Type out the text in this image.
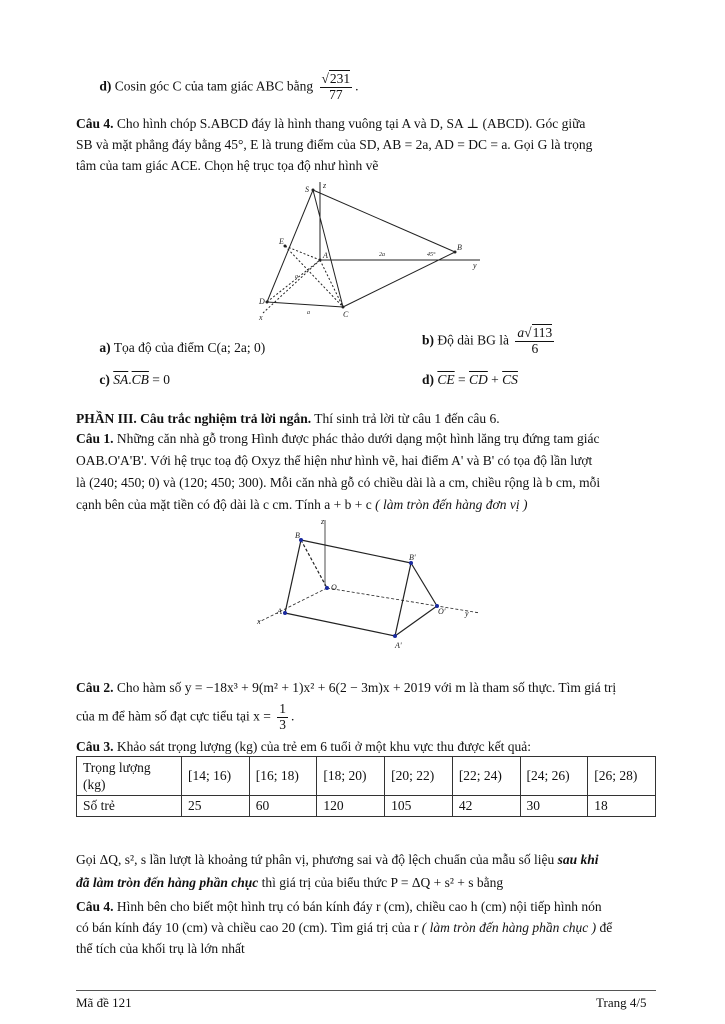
d) Cosin góc C của tam giác ABC bằng $\frac{√231}{77}$ .
Câu 4. Cho hình chóp S.ABCD đáy là hình thang vuông tại A và D, SA ⊥ (ABCD). Góc giữa
SB và mặt phẳng đáy bằng 45°, E là trung điểm của SD, AB = 2a, AD = DC = a. Gọi G là trọng
tâm của tam giác ACE. Chọn hệ trục tọa độ như hình vẽ
z
S
E
A
B
y
D
C
x
2a
a
a
45°
a) Tọa độ của điểm C(a; 2a; 0)
b) Độ dài BG là $\frac{a√113}{6}$
c) $\overline{SA}.\overline{CB} = 0$	d) $\overline{CE} = \overline{CD} + \overline{CS}$
PHẦN III. Câu trắc nghiệm trả lời ngắn. Thí sinh trả lời từ câu 1 đến câu 6.
Câu 1. Những căn nhà gỗ trong Hình được phác thảo dưới dạng một hình lăng trụ đứng tam giác
OAB.O'A'B'. Với hệ trục toạ độ Oxyz thể hiện như hình vẽ, hai điểm A' và B' có tọa độ lần lượt
là (240; 450; 0) và (120; 450; 300). Mỗi căn nhà gỗ có chiều dài là a cm, chiều rộng là b cm, mỗi
cạnh bên của mặt tiền có độ dài là c cm. Tính a + b + c ( làm tròn đến hàng đơn vị )
z
B
B'
O
A	O' y
x
A'
Câu 2. Cho hàm số y = −18x³ + 9(m² + 1)x² + 6(2 − 3m)x + 2019 với m là tham số thực. Tìm giá trị
của m để hàm số đạt cực tiểu tại $x = \frac{1}{3}$ .
Câu 3. Khảo sát trọng lượng (kg) của trẻ em 6 tuổi ở một khu vực thu được kết quả:
Trọng lượng (kg)	[14; 16)	[16; 18)	[18; 20)	[20; 22)	[22; 24)	[24; 26)	[26; 28)
Số trẻ	25	60	120	105	42	30	18
Gọi ΔQ, s², s lần lượt là khoảng tứ phân vị, phương sai và độ lệch chuẩn của mẫu số liệu sau khi
đã làm tròn đến hàng phần chục thì giá trị của biểu thức P = ΔQ + s² + s bằng
Câu 4. Hình bên cho biết một hình trụ có bán kính đáy r (cm), chiều cao h (cm) nội tiếp hình nón
có bán kính đáy 10 (cm) và chiều cao 20 (cm). Tìm giá trị của r ( làm tròn đến hàng phần chục ) để
thể tích của khối trụ là lớn nhất
Mã đề 121	Trang 4/5
